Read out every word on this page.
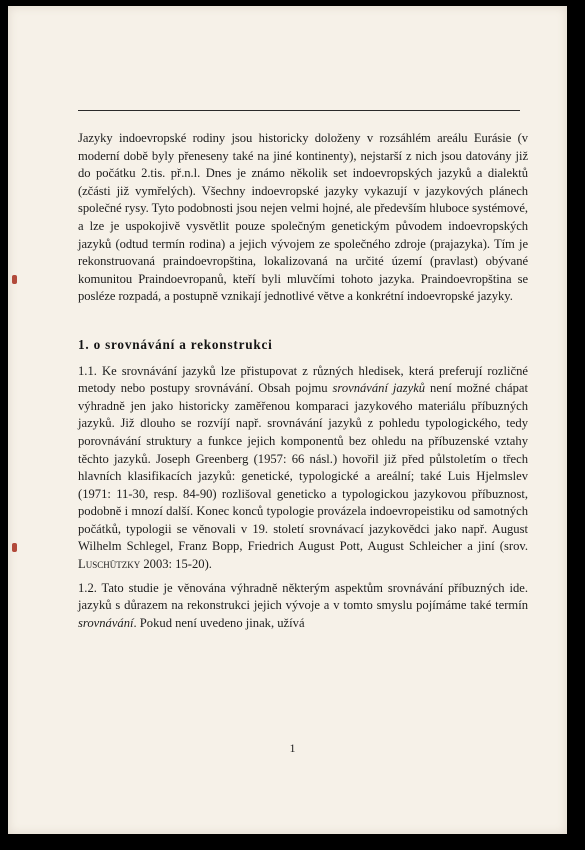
Jazyky indoevropské rodiny jsou historicky doloženy v rozsáhlém areálu Eurásie (v moderní době byly přeneseny také na jiné kontinenty), nejstarší z nich jsou datovány již do počátku 2.tis. př.n.l. Dnes je známo několik set indoevropských jazyků a dialektů (zčásti již vymřelých). Všechny indoevropské jazyky vykazují v jazykových plánech společné rysy. Tyto podobnosti jsou nejen velmi hojné, ale především hluboce systémové, a lze je uspokojivě vysvětlit pouze společným genetickým původem indoevropských jazyků (odtud termín rodina) a jejich vývojem ze společného zdroje (prajazyka). Tím je rekonstruovaná praindoevropština, lokalizovaná na určité území (pravlast) obývané komunitou Praindoevropanů, kteří byli mluvčími tohoto jazyka. Praindoevropština se posléze rozpadá, a postupně vznikají jednotlivé větve a konkrétní indoevropské jazyky.

1. o srovnávání a rekonstrukci

1.1. Ke srovnávání jazyků lze přistupovat z různých hledisek, která preferují rozličné metody nebo postupy srovnávání. Obsah pojmu srovnávání jazyků není možné chápat výhradně jen jako historicky zaměřenou komparaci jazykového materiálu příbuzných jazyků. Již dlouho se rozvíjí např. srovnávání jazyků z pohledu typologického, tedy porovnávání struktury a funkce jejich komponentů bez ohledu na příbuzenské vztahy těchto jazyků. Joseph Greenberg (1957: 66 násl.) hovořil již před půlstoletím o třech hlavních klasifikacích jazyků: genetické, typologické a areální; také Luis Hjelmslev (1971: 11-30, resp. 84-90) rozlišoval geneticko a typologickou jazykovou příbuznost, podobně i mnozí další. Konec konců typologie provázela indoevropeistiku od samotných počátků, typologii se věnovali v 19. století srovnávací jazykovědci jako např. August Wilhelm Schlegel, Franz Bopp, Friedrich August Pott, August Schleicher a jiní (srov. Luschützky 2003: 15-20).

1.2. Tato studie je věnována výhradně některým aspektům srovnávání příbuzných ide. jazyků s důrazem na rekonstrukci jejich vývoje a v tomto smyslu pojímáme také termín srovnávání. Pokud není uvedeno jinak, užívá

1
